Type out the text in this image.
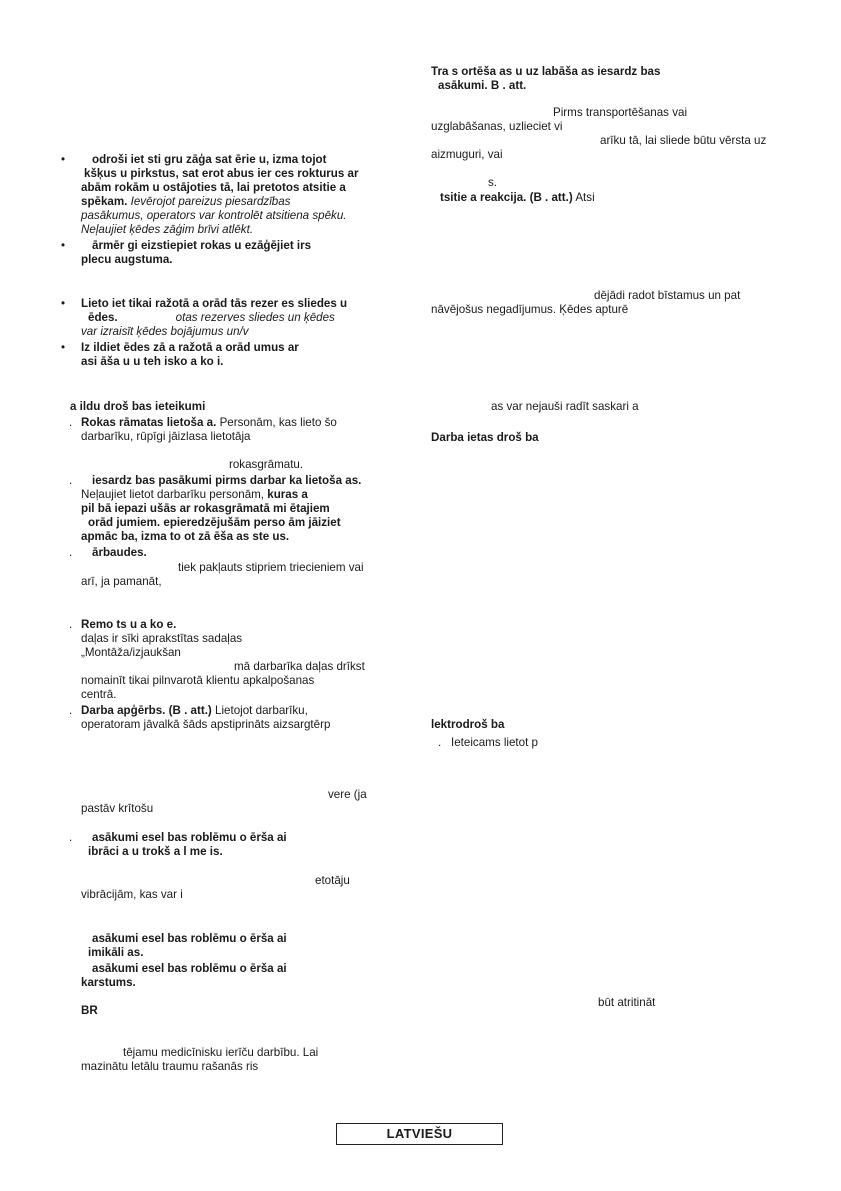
• odroši iet sti gru zāģa sat ērie u, izma tojot

kšķus u pirkstus, sat erot abus ier ces rokturus ar

abām rokām u ostājoties tā, lai pretotos atsitie a

spēkam. Ievērojot pareizus piesardzības

pasākumus, operators var kontrolēt atsitiena spēku.

Neļaujiet ķēdes zāģim brīvi atlēkt.

• ārmēr gi eizstiepiet rokas u ezāģējiet irs

plecu augstuma.

• Lieto iet tikai ražotā a orād tās rezer es sliedes u

ēdes.	otas rezerves sliedes un ķēdes

var izraisīt ķēdes bojājumus un/v

• Iz ildiet ēdes zā a ražotā a orād umus ar

asi āša u u teh isko a ko i.

a ildu droš bas ieteikumi

. Rokas rāmatas lietoša a. Personām, kas lieto šo

darbarīku, rūpīgi jāizlasa lietotāja

rokasgrāmatu.

. iesardz bas pasākumi pirms darbar ka lietoša as.

Neļaujiet lietot darbarīku personām, kuras a

pil bā iepazi ušās ar rokasgrāmatā mi ētajiem

orād jumiem. epieredzējušām perso ām jāiziet

apmāc ba, izma to ot zā ēša as ste us.

. ārbaudes.

tiek pakļauts stipriem triecieniem vai

arī, ja pamanāt,

. Remo ts u a ko e.

daļas ir sīki aprakstītas sadaļas

„Montāža/izjaukšan

mā darbarīka daļas drīkst

nomainīt tikai pilnvarotā klientu apkalpošanas

centrā.

. Darba apģērbs. (B . att.) Lietojot darbarīku,

operatoram jāvalkā šāds apstiprināts aizsargtērp

vere (ja

pastāv krītošu

. asākumi esel bas roblēmu o ērša ai

ibrāci a u trokš a l me is.

etotāju

vibrācijām, kas var i

asākumi esel bas roblēmu o ērša ai

imikāli as.

asākumi esel bas roblēmu o ērša ai

karstums.

BR

tējamu medicīnisku ierīču darbību. Lai

mazinātu letālu traumu rašanās ris

Tra s ortēša as u uz labāša as iesardz bas

asākumi. B . att.

Pirms transportēšanas vai

uzglabāšanas, uzlieciet vi

arīku tā, lai sliede būtu vērsta uz

aizmuguri, vai

s.

tsitie a reakcija. (B . att.) Atsi

dējādi radot bīstamus un pat

nāvējošus negadījumus. Ķēdes apturē

as var nejauši radīt saskari a

Darba ietas droš ba

lektrodroš ba

. Ieteicams lietot p

būt atritināt

LATVIEŠU
